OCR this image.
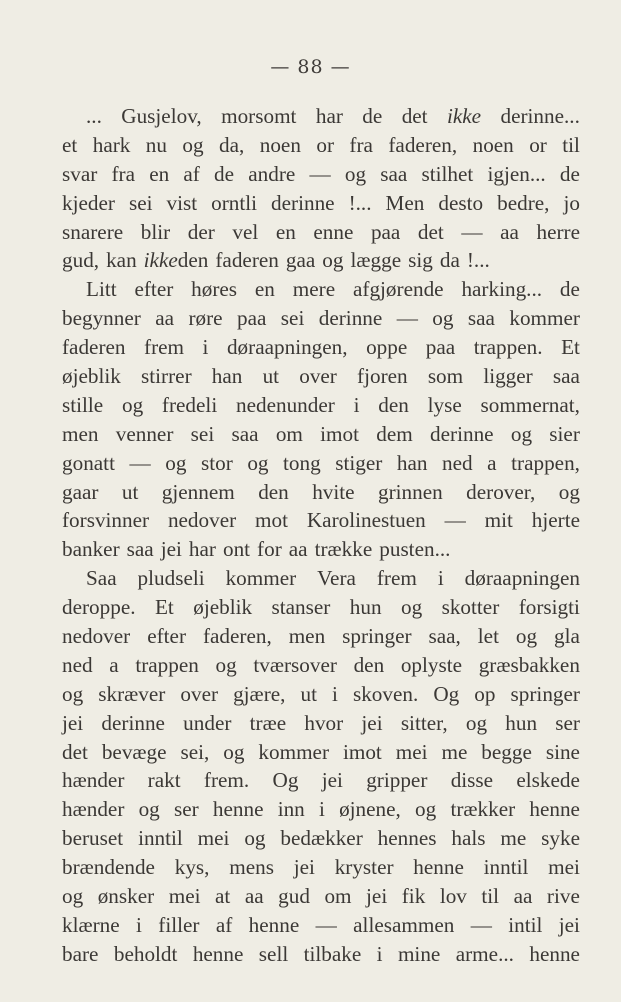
— 88 —
... Gusjelov, morsomt har de det ikke derinne...
et hark nu og da, noen or fra faderen, noen or til
svar fra en af de andre — og saa stilhet igjen... de
kjeder sei vist orntli derinne !... Men desto bedre, jo
snarere blir der vel en enne paa det — aa herre
gud, kan ikke den faderen gaa og lægge sig da !...
Litt efter høres en mere afgjørende harking... de
begynner aa røre paa sei derinne — og saa kommer
faderen frem i døraapningen, oppe paa trappen. Et
øjeblik stirrer han ut over fjoren som ligger saa
stille og fredeli nedenunder i den lyse sommernat,
men venner sei saa om imot dem derinne og sier
gonatt — og stor og tong stiger han ned a trappen,
gaar ut gjennem den hvite grinnen derover, og
forsvinner nedover mot Karolinestuen — mit hjerte
banker saa jei har ont for aa trække pusten...
Saa pludseli kommer Vera frem i døraapningen
deroppe. Et øjeblik stanser hun og skotter forsigti
nedover efter faderen, men springer saa, let og gla
ned a trappen og tværsover den oplyste græsbakken
og skræver over gjære, ut i skoven. Og op springer
jei derinne under træe hvor jei sitter, og hun ser
det bevæge sei, og kommer imot mei me begge sine
hænder rakt frem. Og jei gripper disse elskede
hænder og ser henne inn i øjnene, og trækker henne
beruset inntil mei og bedækker hennes hals me syke
brændende kys, mens jei kryster henne inntil mei
og ønsker mei at aa gud om jei fik lov til aa rive
klærne i filler af henne — allesammen — intil jei
bare beholdt henne sell tilbake i mine arme... henne
